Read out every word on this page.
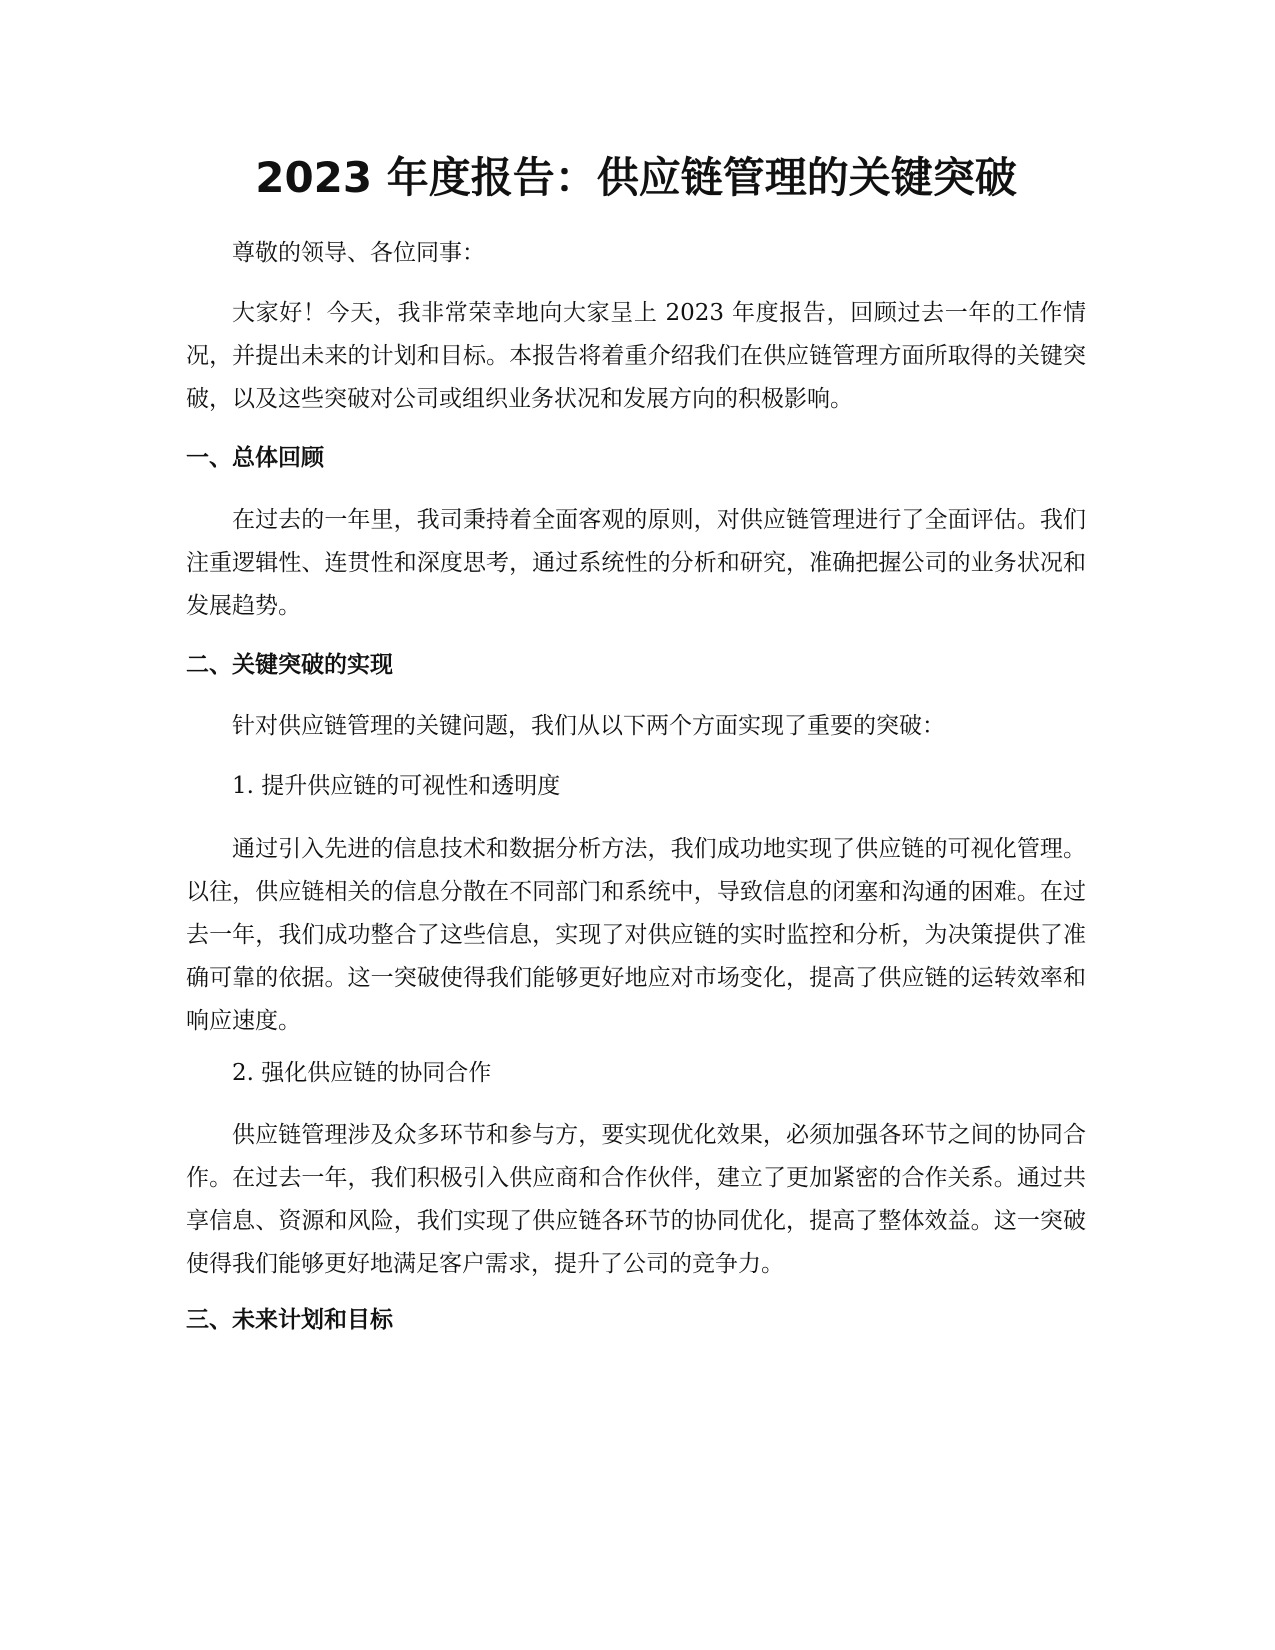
2023 年度报告：供应链管理的关键突破

尊敬的领导、各位同事：

大家好！今天，我非常荣幸地向大家呈上 2023 年度报告，回顾过去一年的工作情况，并提出未来的计划和目标。本报告将着重介绍我们在供应链管理方面所取得的关键突破，以及这些突破对公司或组织业务状况和发展方向的积极影响。

一、总体回顾

在过去的一年里，我司秉持着全面客观的原则，对供应链管理进行了全面评估。我们注重逻辑性、连贯性和深度思考，通过系统性的分析和研究，准确把握公司的业务状况和发展趋势。

二、关键突破的实现

针对供应链管理的关键问题，我们从以下两个方面实现了重要的突破：

1. 提升供应链的可视性和透明度

通过引入先进的信息技术和数据分析方法，我们成功地实现了供应链的可视化管理。以往，供应链相关的信息分散在不同部门和系统中，导致信息的闭塞和沟通的困难。在过去一年，我们成功整合了这些信息，实现了对供应链的实时监控和分析，为决策提供了准确可靠的依据。这一突破使得我们能够更好地应对市场变化，提高了供应链的运转效率和响应速度。

2. 强化供应链的协同合作

供应链管理涉及众多环节和参与方，要实现优化效果，必须加强各环节之间的协同合作。在过去一年，我们积极引入供应商和合作伙伴，建立了更加紧密的合作关系。通过共享信息、资源和风险，我们实现了供应链各环节的协同优化，提高了整体效益。这一突破使得我们能够更好地满足客户需求，提升了公司的竞争力。

三、未来计划和目标
